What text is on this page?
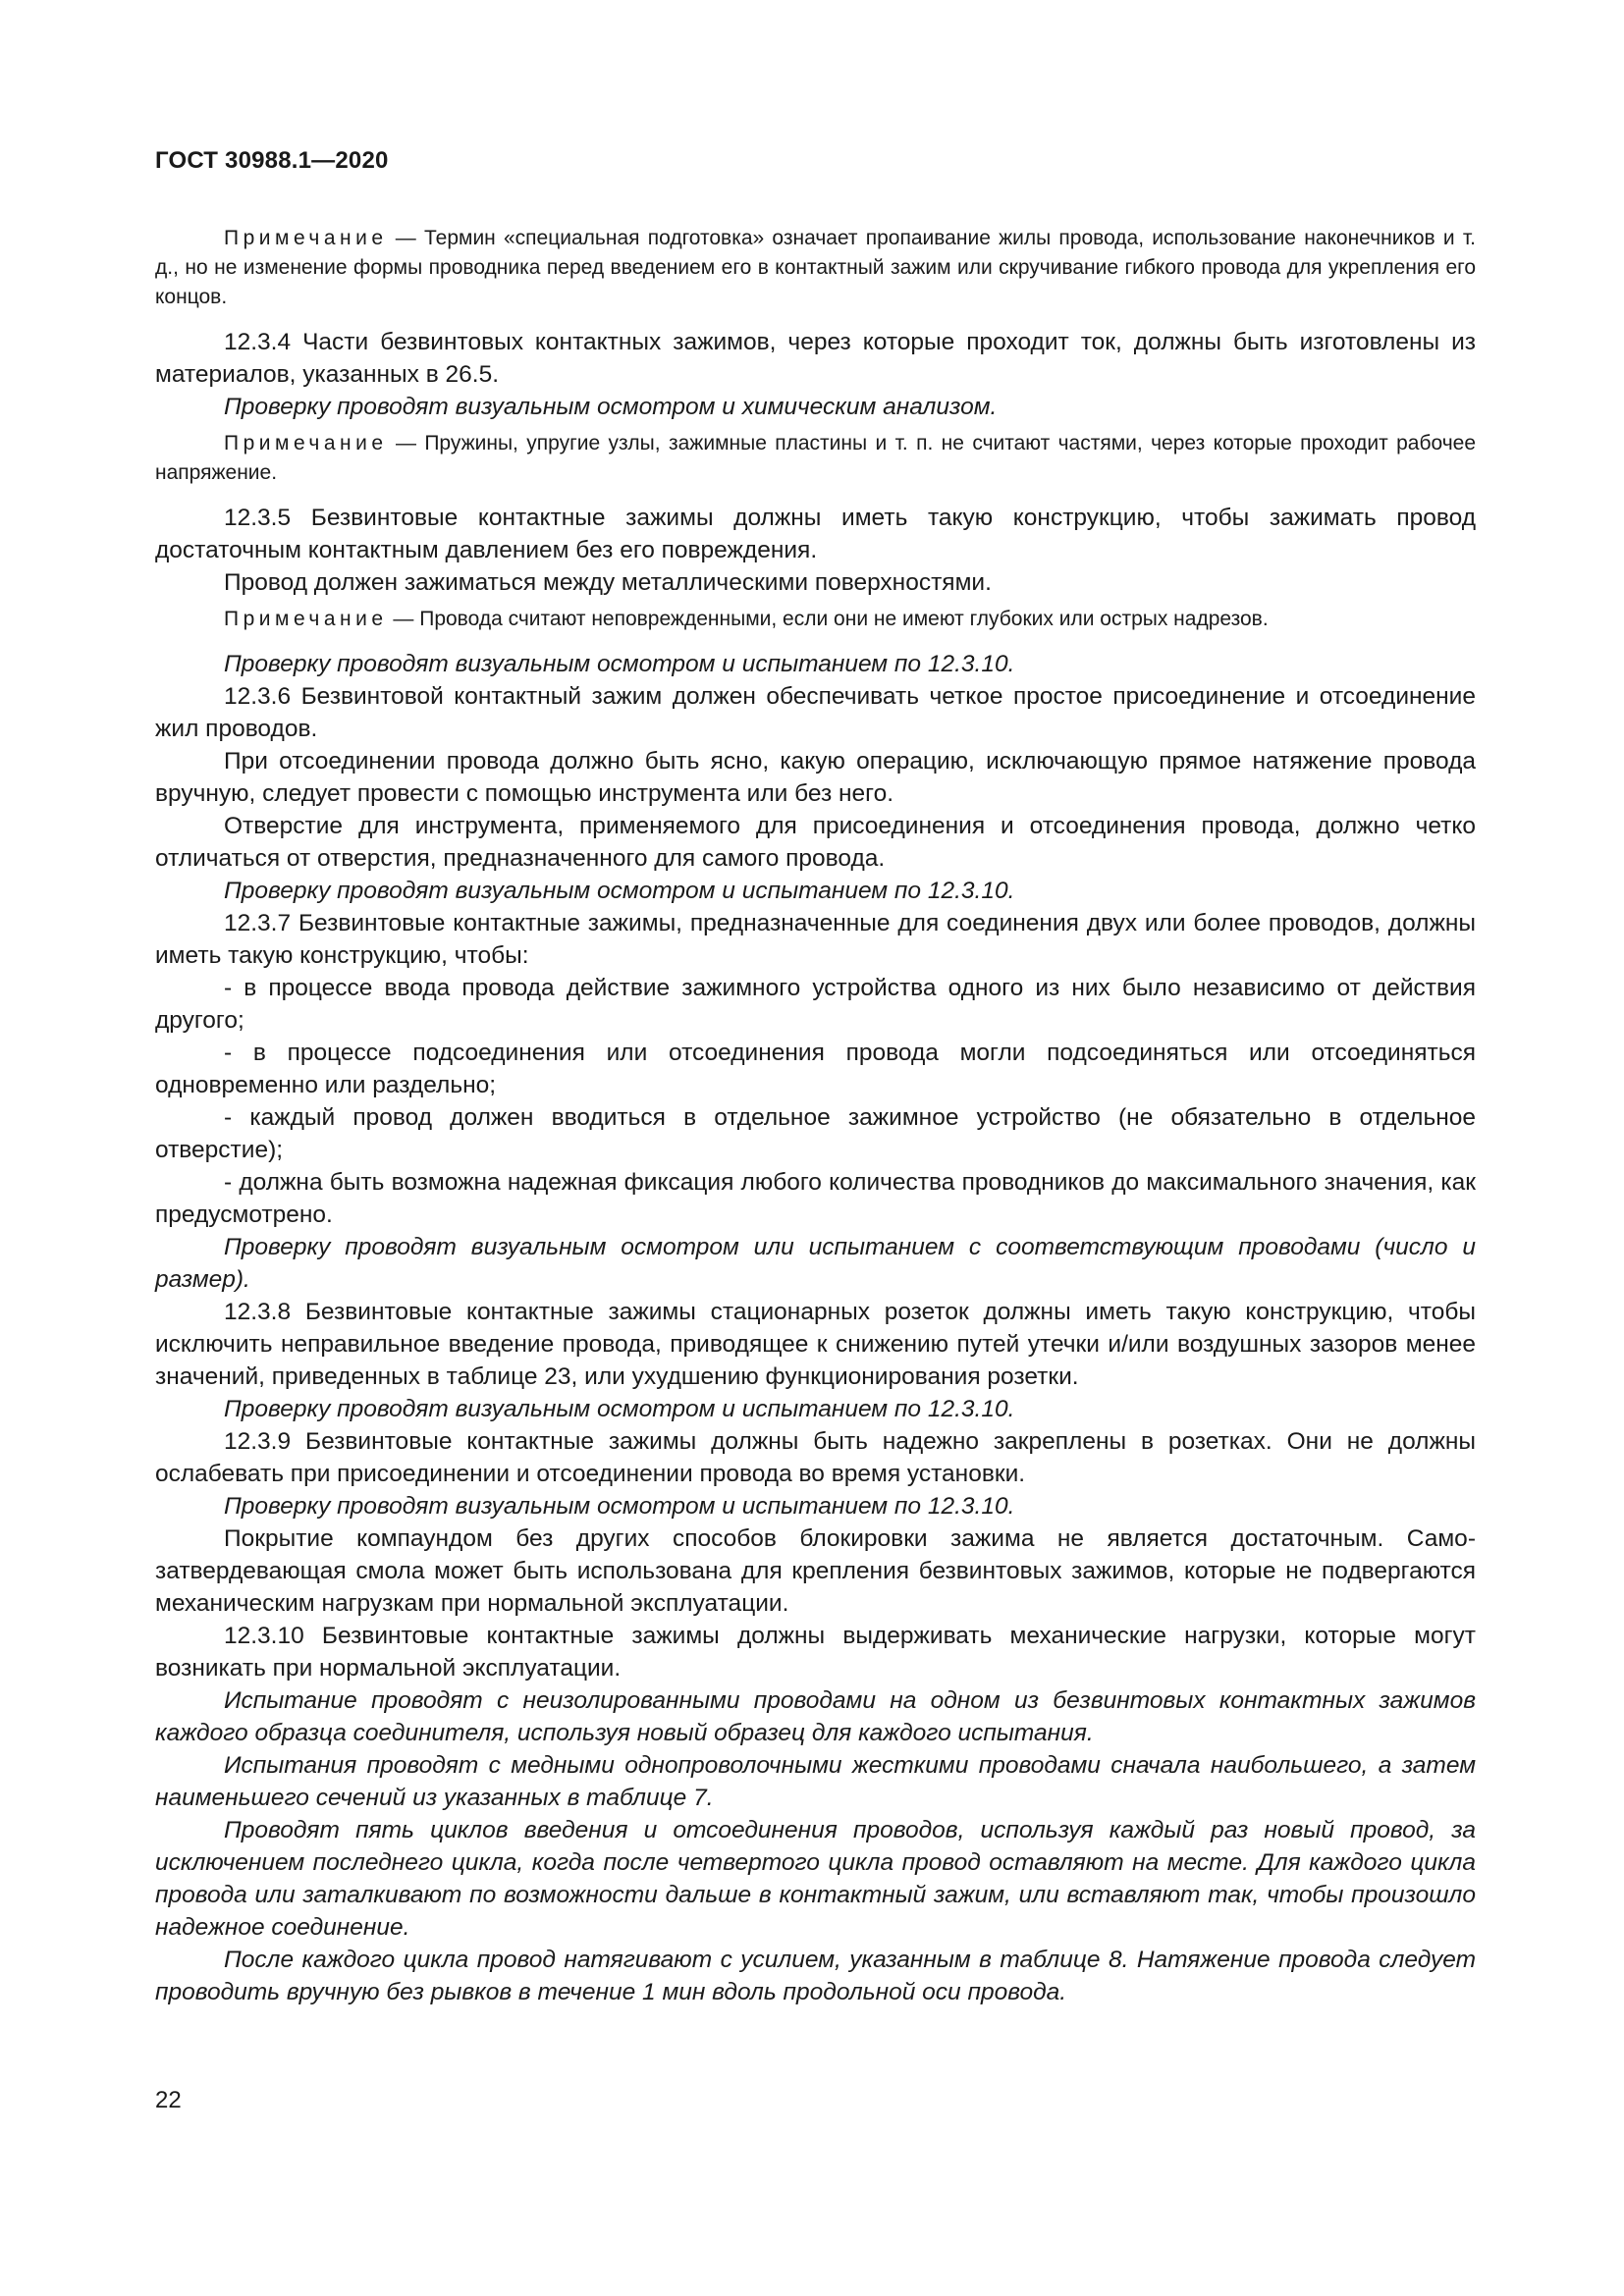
ГОСТ 30988.1—2020

Примечание — Термин «специальная подготовка» означает пропаивание жилы провода, использование наконечников и т. д., но не изменение формы проводника перед введением его в контактный зажим или скручивание гибкого провода для укрепления его концов.

12.3.4 Части безвинтовых контактных зажимов, через которые проходит ток, должны быть изготовлены из материалов, указанных в 26.5.

Проверку проводят визуальным осмотром и химическим анализом.

Примечание — Пружины, упругие узлы, зажимные пластины и т. п. не считают частями, через которые проходит рабочее напряжение.

12.3.5 Безвинтовые контактные зажимы должны иметь такую конструкцию, чтобы зажимать провод достаточным контактным давлением без его повреждения.

Провод должен зажиматься между металлическими поверхностями.

Примечание — Провода считают неповрежденными, если они не имеют глубоких или острых надрезов.

Проверку проводят визуальным осмотром и испытанием по 12.3.10.

12.3.6 Безвинтовой контактный зажим должен обеспечивать четкое простое присоединение и отсоединение жил проводов.

При отсоединении провода должно быть ясно, какую операцию, исключающую прямое натяжение провода вручную, следует провести с помощью инструмента или без него.

Отверстие для инструмента, применяемого для присоединения и отсоединения провода, должно четко отличаться от отверстия, предназначенного для самого провода.

Проверку проводят визуальным осмотром и испытанием по 12.3.10.

12.3.7 Безвинтовые контактные зажимы, предназначенные для соединения двух или более проводов, должны иметь такую конструкцию, чтобы:

- в процессе ввода провода действие зажимного устройства одного из них было независимо от действия другого;

- в процессе подсоединения или отсоединения провода могли подсоединяться или отсоединяться одновременно или раздельно;

- каждый провод должен вводиться в отдельное зажимное устройство (не обязательно в отдельное отверстие);

- должна быть возможна надежная фиксация любого количества проводников до максимального значения, как предусмотрено.

Проверку проводят визуальным осмотром или испытанием с соответствующим проводами (число и размер).

12.3.8 Безвинтовые контактные зажимы стационарных розеток должны иметь такую конструкцию, чтобы исключить неправильное введение провода, приводящее к снижению путей утечки и/или воздушных зазоров менее значений, приведенных в таблице 23, или ухудшению функционирования розетки.

Проверку проводят визуальным осмотром и испытанием по 12.3.10.

12.3.9 Безвинтовые контактные зажимы должны быть надежно закреплены в розетках. Они не должны ослабевать при присоединении и отсоединении провода во время установки.

Проверку проводят визуальным осмотром и испытанием по 12.3.10.

Покрытие компаундом без других способов блокировки зажима не является достаточным. Самозатвердевающая смола может быть использована для крепления безвинтовых зажимов, которые не подвергаются механическим нагрузкам при нормальной эксплуатации.

12.3.10 Безвинтовые контактные зажимы должны выдерживать механические нагрузки, которые могут возникать при нормальной эксплуатации.

Испытание проводят с неизолированными проводами на одном из безвинтовых контактных зажимов каждого образца соединителя, используя новый образец для каждого испытания.

Испытания проводят с медными однопроволочными жесткими проводами сначала наибольшего, а затем наименьшего сечений из указанных в таблице 7.

Проводят пять циклов введения и отсоединения проводов, используя каждый раз новый провод, за исключением последнего цикла, когда после четвертого цикла провод оставляют на месте. Для каждого цикла провода или заталкивают по возможности дальше в контактный зажим, или вставляют так, чтобы произошло надежное соединение.

После каждого цикла провод натягивают с усилием, указанным в таблице 8. Натяжение провода следует проводить вручную без рывков в течение 1 мин вдоль продольной оси провода.

22
